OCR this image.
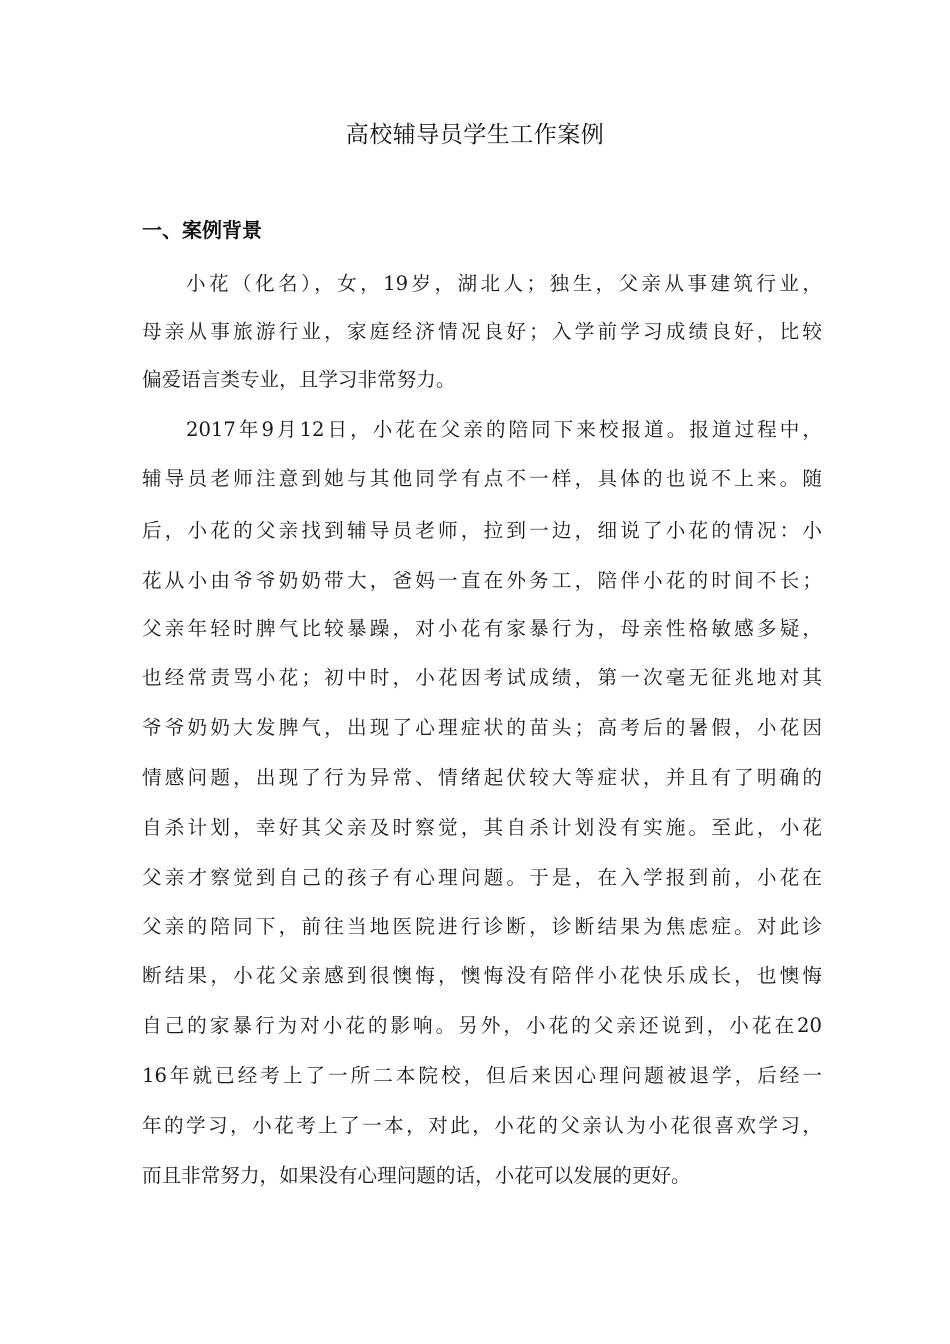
高校辅导员学生工作案例
一、案例背景
小花（化名），女，19岁，湖北人；独生，父亲从事建筑行业，
母亲从事旅游行业，家庭经济情况良好；入学前学习成绩良好，比较
偏爱语言类专业，且学习非常努力。
2017年9月12日，小花在父亲的陪同下来校报道。报道过程中，
辅导员老师注意到她与其他同学有点不一样，具体的也说不上来。随
后，小花的父亲找到辅导员老师，拉到一边，细说了小花的情况：小
花从小由爷爷奶奶带大，爸妈一直在外务工，陪伴小花的时间不长；
父亲年轻时脾气比较暴躁，对小花有家暴行为，母亲性格敏感多疑，
也经常责骂小花；初中时，小花因考试成绩，第一次毫无征兆地对其
爷爷奶奶大发脾气，出现了心理症状的苗头；高考后的暑假，小花因
情感问题，出现了行为异常、情绪起伏较大等症状，并且有了明确的
自杀计划，幸好其父亲及时察觉，其自杀计划没有实施。至此，小花
父亲才察觉到自己的孩子有心理问题。于是，在入学报到前，小花在
父亲的陪同下，前往当地医院进行诊断，诊断结果为焦虑症。对此诊
断结果，小花父亲感到很懊悔，懊悔没有陪伴小花快乐成长，也懊悔
自己的家暴行为对小花的影响。另外，小花的父亲还说到，小花在20
16年就已经考上了一所二本院校，但后来因心理问题被退学，后经一
年的学习，小花考上了一本，对此，小花的父亲认为小花很喜欢学习，
而且非常努力，如果没有心理问题的话，小花可以发展的更好。
